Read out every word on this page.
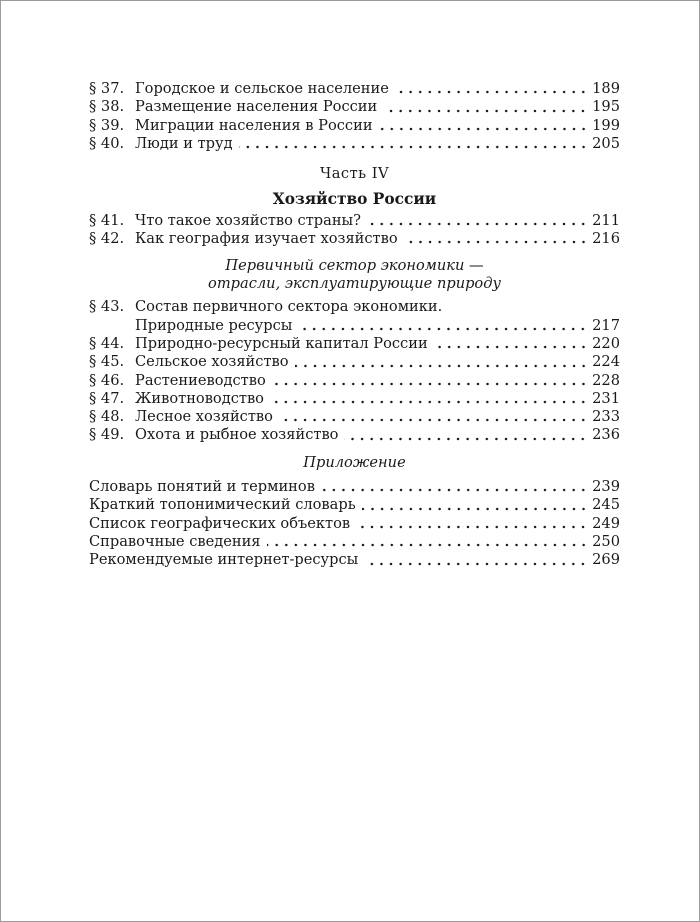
§ 37. Городское и сельское население	189
§ 38. Размещение населения России	195
§ 39. Миграции населения в России	199
§ 40. Люди и труд	205
Часть IV
Хозяйство России
§ 41. Что такое хозяйство страны?	211
§ 42. Как география изучает хозяйство	216
Первичный сектор экономики —
отрасли, эксплуатирующие природу
§ 43. Состав первичного сектора экономики.
Природные ресурсы	217
§ 44. Природно-ресурсный капитал России	220
§ 45. Сельское хозяйство	224
§ 46. Растениеводство	228
§ 47. Животноводство	231
§ 48. Лесное хозяйство	233
§ 49. Охота и рыбное хозяйство	236
Приложение
Словарь понятий и терминов	239
Краткий топонимический словарь	245
Список географических объектов	249
Справочные сведения	250
Рекомендуемые интернет-ресурсы	269
